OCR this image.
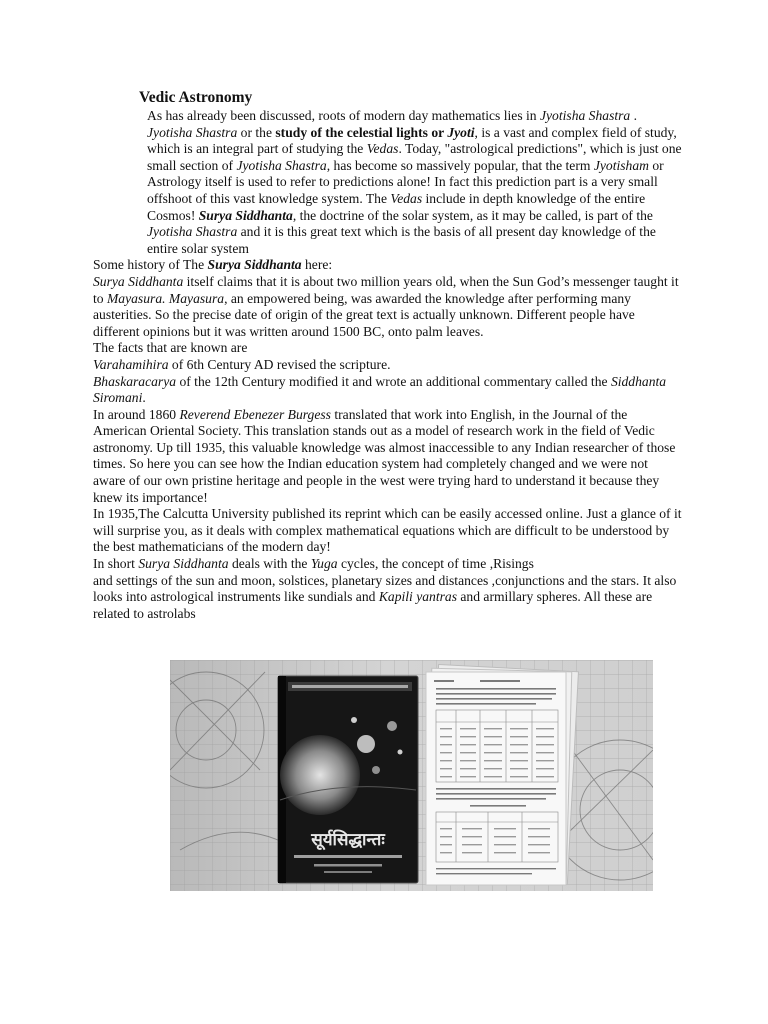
Vedic Astronomy

As has already been discussed, roots of modern day mathematics lies in Jyotisha Shastra . Jyotisha Shastra or the study of the celestial lights or Jyoti, is a vast and complex field of study, which is an integral part of studying the Vedas. Today, "astrological predictions", which is just one small section of Jyotisha Shastra, has become so massively popular, that the term Jyotisham or Astrology itself is used to refer to predictions alone! In fact this prediction part is a very small offshoot of this vast knowledge system. The Vedas include in depth knowledge of the entire Cosmos! Surya Siddhanta, the doctrine of the solar system, as it may be called, is part of the Jyotisha Shastra and it is this great text which is the basis of all present day knowledge of the entire solar system

Some history of The Surya Siddhanta here:

Surya Siddhanta itself claims that it is about two million years old, when the Sun God’s messenger taught it to Mayasura. Mayasura, an empowered being, was awarded the knowledge after performing many austerities. So the precise date of origin of the great text is actually unknown. Different people have different opinions but it was written around 1500 BC, onto palm leaves.

The facts that are known are

Varahamihira of 6th Century AD revised the scripture.

Bhaskaracarya of the 12th Century modified it and wrote an additional commentary called the Siddhanta Siromani.

In around 1860 Reverend Ebenezer Burgess translated that work into English, in the Journal of the American Oriental Society. This translation stands out as a model of research work in the field of Vedic astronomy. Up till 1935, this valuable knowledge was almost inaccessible to any Indian researcher of those times. So here you can see how the Indian education system had completely changed and we were not aware of our own pristine heritage and people in the west were trying hard to understand it because they knew its importance!

In 1935,The Calcutta University published its reprint which can be easily accessed online. Just a glance of it will surprise you, as it deals with complex mathematical equations which are difficult to be understood by the best mathematicians of the modern day!

In short Surya Siddhanta deals with the Yuga cycles, the concept of time ,Risings

and settings of the sun and moon, solstices, planetary sizes and distances ,conjunctions and the stars. It also looks into astrological instruments like sundials and Kapili yantras and armillary spheres. All these are related to astrolabs

सूर्यसिद्धान्तः
